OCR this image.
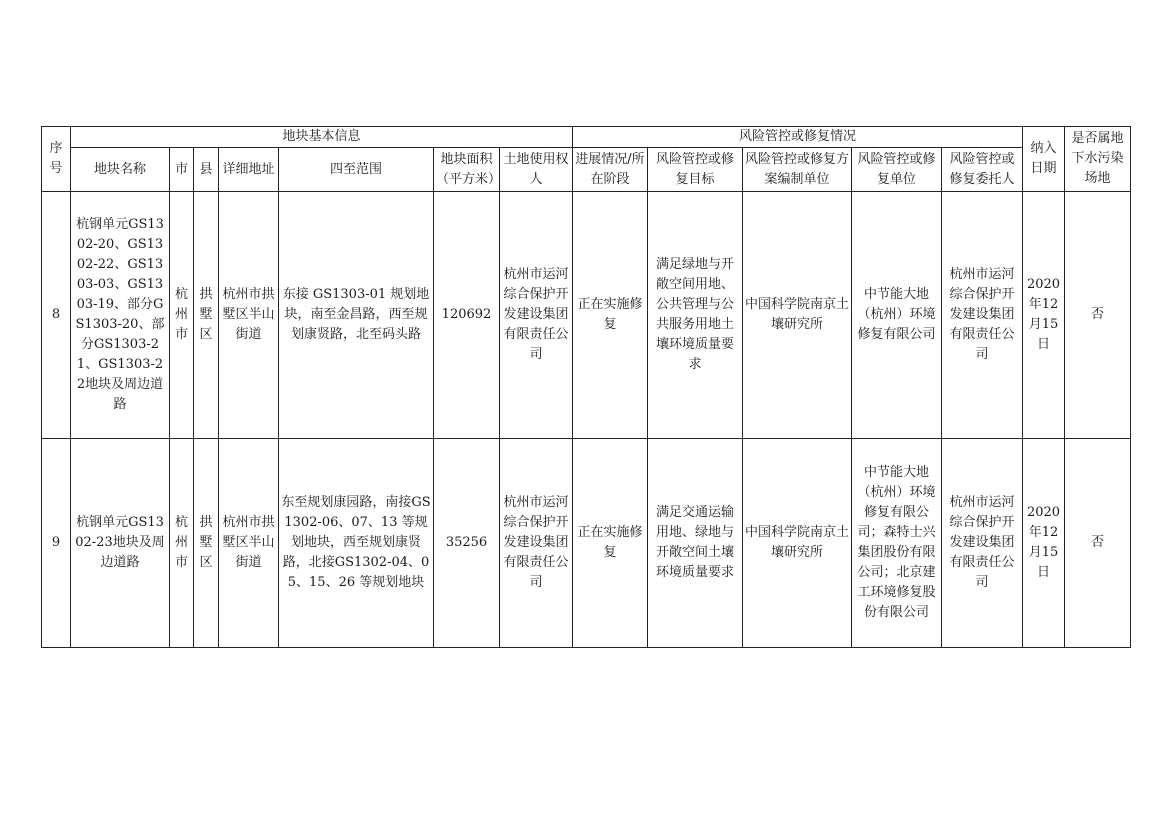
序号	地块基本信息							风险管控或修复情况					纳入日期	是否属地下水污染场地
	地块名称	市	县	详细地址	四至范围	地块面积（平方米）	土地使用权人	进展情况/所在阶段	风险管控或修复目标	风险管控或修复方案编制单位	风险管控或修复单位	风险管控或修复委托人		
8	杭钢单元GS1302-20、GS1302-22、GS1303-03、GS1303-19、部分GS1303-20、部分GS1303-21、GS1303-22地块及周边道路	杭州市	拱墅区	杭州市拱墅区半山街道	东接 GS1303-01 规划地块，南至金昌路，西至规划康贤路，北至码头路	120692	杭州市运河综合保护开发建设集团有限责任公司	正在实施修复	满足绿地与开敞空间用地、公共管理与公共服务用地土壤环境质量要求	中国科学院南京土壤研究所	中节能大地（杭州）环境修复有限公司	杭州市运河综合保护开发建设集团有限责任公司	2020年12月15日	否
9	杭钢单元GS1302-23地块及周边道路	杭州市	拱墅区	杭州市拱墅区半山街道	东至规划康园路，南接GS1302-06、07、13 等规划地块，西至规划康贤路，北接GS1302-04、05、15、26 等规划地块	35256	杭州市运河综合保护开发建设集团有限责任公司	正在实施修复	满足交通运输用地、绿地与开敞空间土壤环境质量要求	中国科学院南京土壤研究所	中节能大地（杭州）环境修复有限公司；森特士兴集团股份有限公司；北京建工环境修复股份有限公司	杭州市运河综合保护开发建设集团有限责任公司	2020年12月15日	否
